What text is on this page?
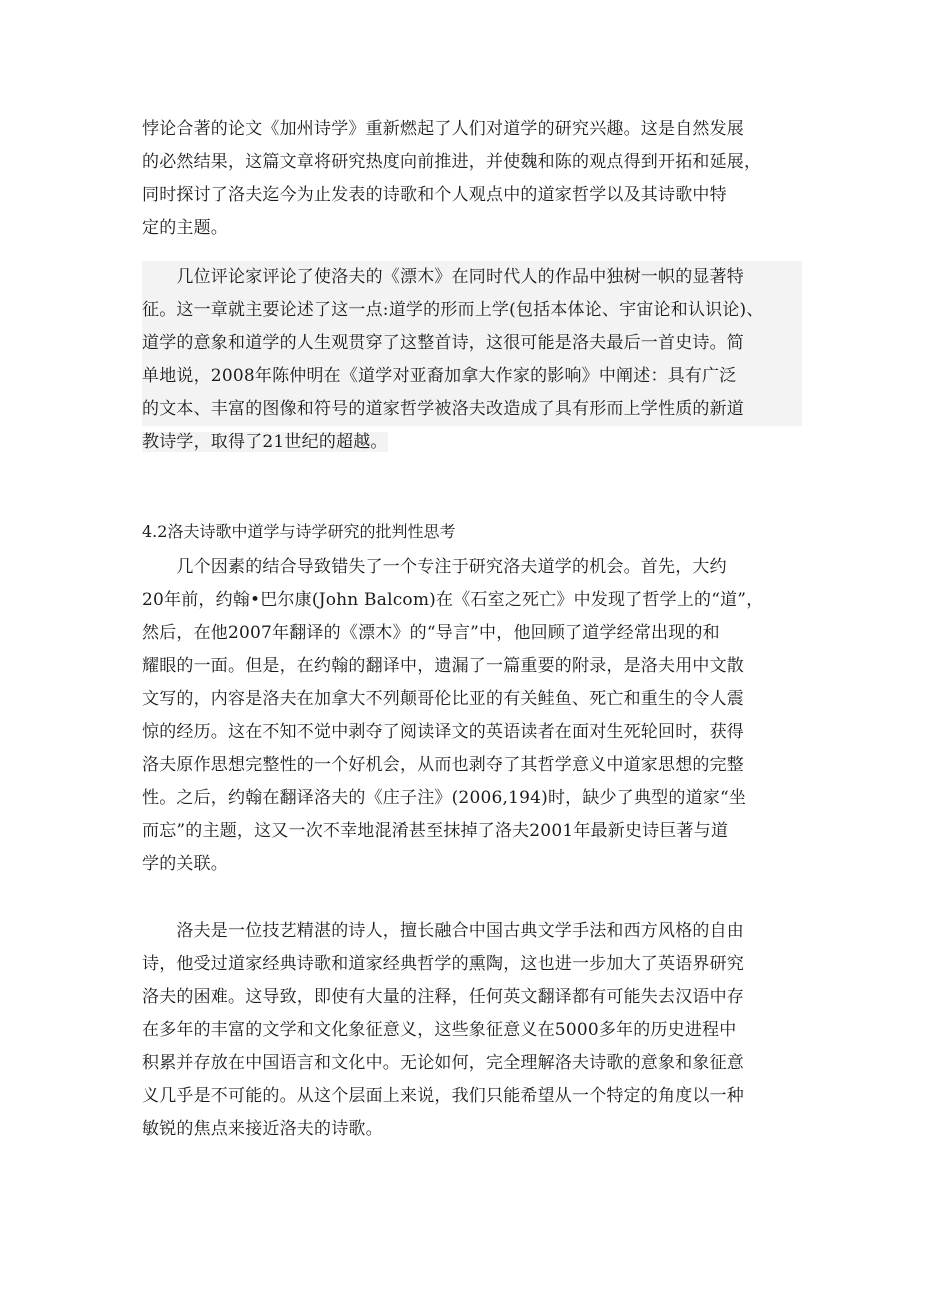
悖论合著的论文《加州诗学》重新燃起了人们对道学的研究兴趣。这是自然发展
的必然结果，这篇文章将研究热度向前推进，并使魏和陈的观点得到开拓和延展，
同时探讨了洛夫迄今为止发表的诗歌和个人观点中的道家哲学以及其诗歌中特
定的主题。
　　几位评论家评论了使洛夫的《漂木》在同时代人的作品中独树一帜的显著特
征。这一章就主要论述了这一点:道学的形而上学(包括本体论、宇宙论和认识论)、
道学的意象和道学的人生观贯穿了这整首诗，这很可能是洛夫最后一首史诗。简
单地说，2008年陈仲明在《道学对亚裔加拿大作家的影响》中阐述：具有广泛
的文本、丰富的图像和符号的道家哲学被洛夫改造成了具有形而上学性质的新道
教诗学，取得了21世纪的超越。
4.2洛夫诗歌中道学与诗学研究的批判性思考
　　几个因素的结合导致错失了一个专注于研究洛夫道学的机会。首先，大约
20年前，约翰•巴尔康(John Balcom)在《石室之死亡》中发现了哲学上的“道”，
然后，在他2007年翻译的《漂木》的“导言”中，他回顾了道学经常出现的和
耀眼的一面。但是，在约翰的翻译中，遗漏了一篇重要的附录，是洛夫用中文散
文写的，内容是洛夫在加拿大不列颠哥伦比亚的有关鲑鱼、死亡和重生的令人震
惊的经历。这在不知不觉中剥夺了阅读译文的英语读者在面对生死轮回时，获得
洛夫原作思想完整性的一个好机会，从而也剥夺了其哲学意义中道家思想的完整
性。之后，约翰在翻译洛夫的《庄子注》(2006,194)时，缺少了典型的道家“坐
而忘”的主题，这又一次不幸地混淆甚至抹掉了洛夫2001年最新史诗巨著与道
学的关联。
　　洛夫是一位技艺精湛的诗人，擅长融合中国古典文学手法和西方风格的自由
诗，他受过道家经典诗歌和道家经典哲学的熏陶，这也进一步加大了英语界研究
洛夫的困难。这导致，即使有大量的注释，任何英文翻译都有可能失去汉语中存
在多年的丰富的文学和文化象征意义，这些象征意义在5000多年的历史进程中
积累并存放在中国语言和文化中。无论如何，完全理解洛夫诗歌的意象和象征意
义几乎是不可能的。从这个层面上来说，我们只能希望从一个特定的角度以一种
敏锐的焦点来接近洛夫的诗歌。
